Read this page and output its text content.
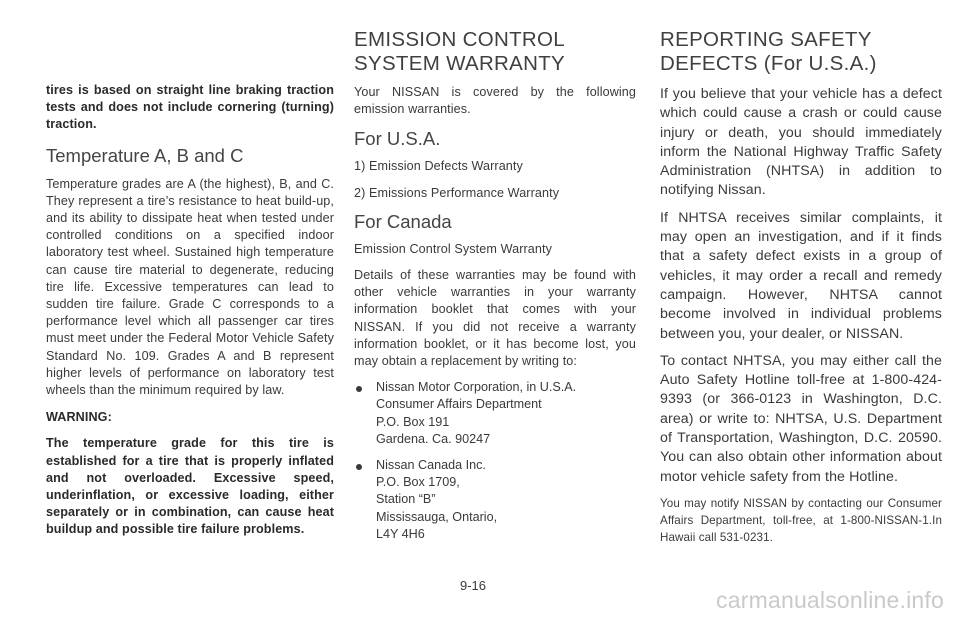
tires is based on straight line braking traction tests and does not include cornering (turning) traction.

Temperature A, B and C

Temperature grades are A (the highest), B, and C. They represent a tire’s resistance to heat build-up, and its ability to dissipate heat when tested under controlled conditions on a specified indoor laboratory test wheel. Sustained high temperature can cause tire material to degenerate, reducing tire life. Excessive temperatures can lead to sudden tire failure. Grade C corresponds to a performance level which all passenger car tires must meet under the Federal Motor Vehicle Safety Standard No. 109. Grades A and B represent higher levels of performance on laboratory test wheels than the minimum required by law.

WARNING:

The temperature grade for this tire is established for a tire that is properly inflated and not overloaded. Excessive speed, underinflation, or excessive loading, either separately or in combination, can cause heat buildup and possible tire failure problems.

EMISSION CONTROL SYSTEM WARRANTY

Your NISSAN is covered by the following emission warranties.

For U.S.A.

1) Emission Defects Warranty

2) Emissions Performance Warranty

For Canada

Emission Control System Warranty

Details of these warranties may be found with other vehicle warranties in your warranty information booklet that comes with your NISSAN. If you did not receive a warranty information booklet, or it has become lost, you may obtain a replacement by writing to:

Nissan Motor Corporation, in U.S.A.
Consumer Affairs Department
P.O. Box 191
Gardena. Ca. 90247
Nissan Canada Inc.
P.O. Box 1709,
Station “B”
Mississauga, Ontario,
L4Y 4H6
REPORTING SAFETY DEFECTS (For U.S.A.)

If you believe that your vehicle has a defect which could cause a crash or could cause injury or death, you should immediately inform the National Highway Traffic Safety Administration (NHTSA) in addition to notifying Nissan.

If NHTSA receives similar complaints, it may open an investigation, and if it finds that a safety defect exists in a group of vehicles, it may order a recall and remedy campaign. However, NHTSA cannot become involved in individual problems between you, your dealer, or NISSAN.

To contact NHTSA, you may either call the Auto Safety Hotline toll-free at 1-800-424-9393 (or 366-0123 in Washington, D.C. area) or write to: NHTSA, U.S. Department of Transportation, Washington, D.C. 20590. You can also obtain other information about motor vehicle safety from the Hotline.

You may notify NISSAN by contacting our Consumer Affairs Department, toll-free, at 1-800-NISSAN-1.In Hawaii call 531-0231.

9-16
carmanualsonline.info
